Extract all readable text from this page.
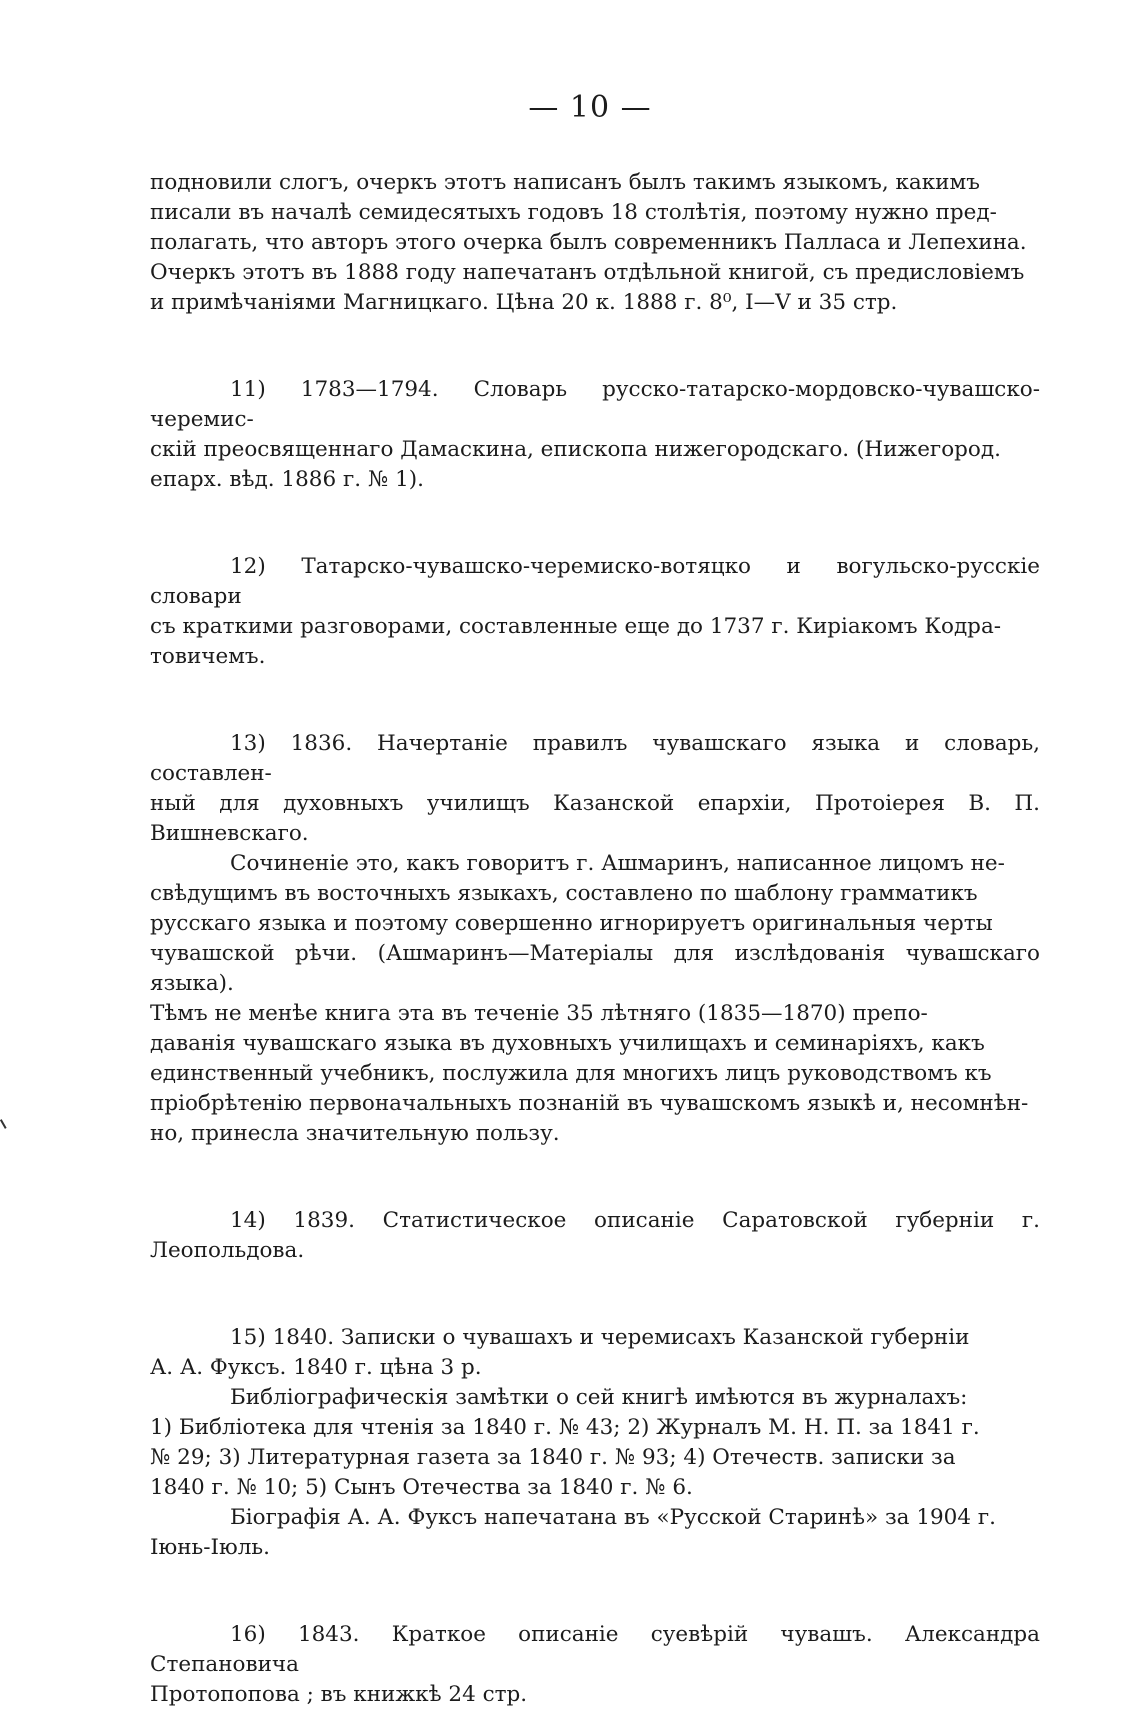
— 10 —

подновили слогъ, очеркъ этотъ написанъ былъ такимъ языкомъ, какимъ
писали въ началѣ семидесятыхъ годовъ 18 столѣтія, поэтому нужно пред-
полагать, что авторъ этого очерка былъ современникъ Палласа и Лепехина.
Очеркъ этотъ въ 1888 году напечатанъ отдѣльной книгой, съ предисловіемъ
и примѣчаніями Магницкаго. Цѣна 20 к. 1888 г. 8⁰, I—V и 35 стр.

11) 1783—1794. Словарь русско-татарско-мордовско-чувашско-черемис-
скій преосвященнаго Дамаскина, епископа нижегородскаго. (Нижегород.
епарх. вѣд. 1886 г. № 1).

12) Татарско-чувашско-черемиско-вотяцко и вогульско-русскіе словари
съ краткими разговорами, составленные еще до 1737 г. Киріакомъ Кодра-
товичемъ.

13) 1836. Начертаніе правилъ чувашскаго языка и словарь, составлен-
ный для духовныхъ училищъ Казанской епархіи, Протоіерея В. П. Вишневскаго.

Сочиненіе это, какъ говоритъ г. Ашмаринъ, написанное лицомъ не-
свѣдущимъ въ восточныхъ языкахъ, составлено по шаблону грамматикъ
русскаго языка и поэтому совершенно игнорируетъ оригинальныя черты
чувашской рѣчи. (Ашмаринъ—Матеріалы для изслѣдованія чувашскаго языка).
Тѣмъ не менѣе книга эта въ теченіе 35 лѣтняго (1835—1870) препо-
даванія чувашскаго языка въ духовныхъ училищахъ и семинаріяхъ, какъ
единственный учебникъ, послужила для многихъ лицъ руководствомъ къ
пріобрѣтенію первоначальныхъ познаній въ чувашскомъ языкѣ и, несомнѣн-
но, принесла значительную пользу.

14) 1839. Статистическое описаніе Саратовской губерніи г. Леопольдова.

15) 1840. Записки о чувашахъ и черемисахъ Казанской губерніи
А. А. Фуксъ. 1840 г. цѣна 3 р.

Библіографическія замѣтки о сей книгѣ имѣются въ журналахъ:
1) Библіотека для чтенія за 1840 г. № 43; 2) Журналъ М. Н. П. за 1841 г.
№ 29; 3) Литературная газета за 1840 г. № 93; 4) Отечеств. записки за
1840 г. № 10; 5) Сынъ Отечества за 1840 г. № 6.

Біографія А. А. Фуксъ напечатана въ «Русской Старинѣ» за 1904 г.
Іюнь-Іюль.

16) 1843. Краткое описаніе суевѣрій чувашъ. Александра Степановича
Протопопова ; въ книжкѣ 24 стр.
